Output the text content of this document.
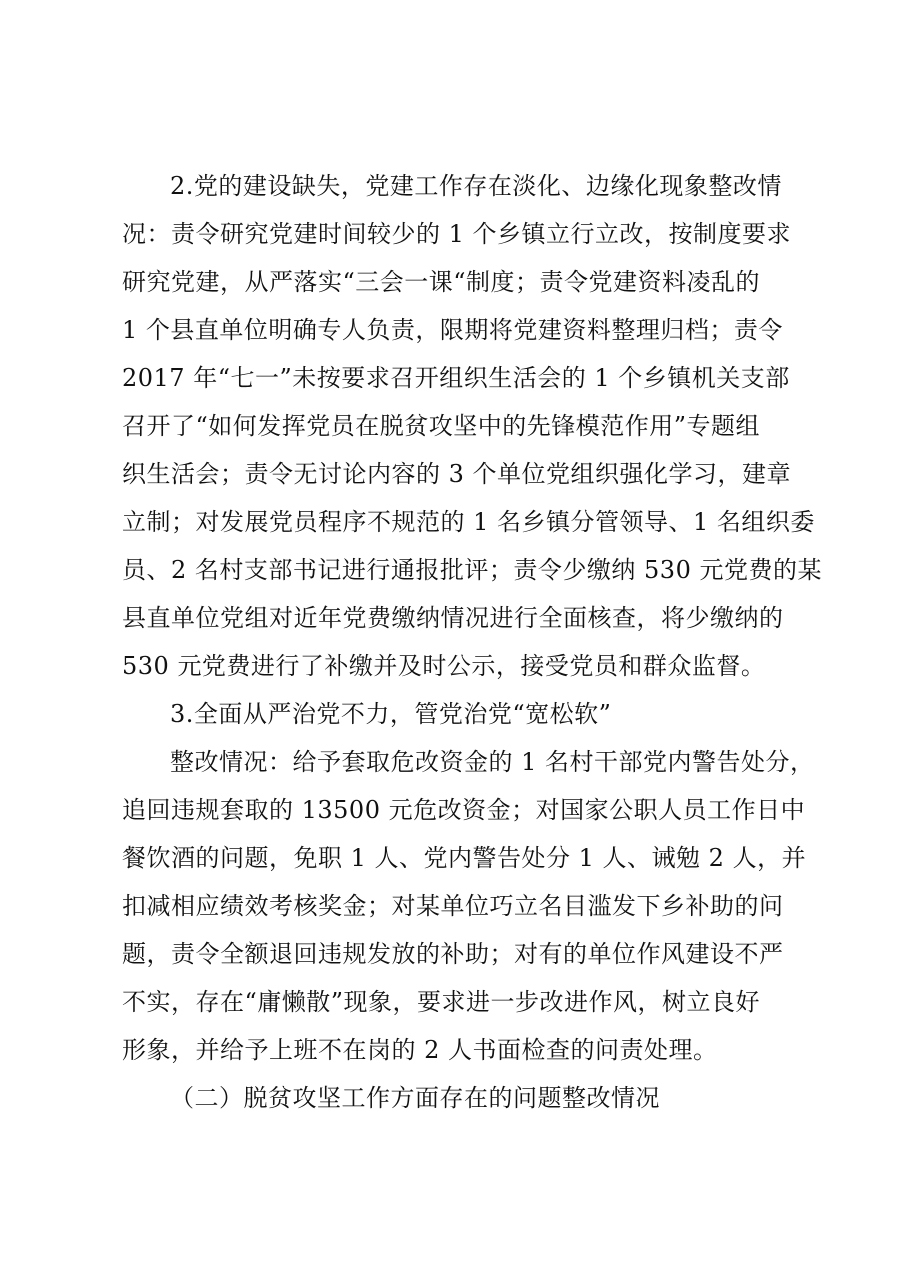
2.党的建设缺失，党建工作存在淡化、边缘化现象整改情

况：责令研究党建时间较少的 1 个乡镇立行立改，按制度要求

研究党建，从严落实“三会一课“制度；责令党建资料凌乱的

1 个县直单位明确专人负责，限期将党建资料整理归档；责令

2017 年“七一”未按要求召开组织生活会的 1 个乡镇机关支部

召开了“如何发挥党员在脱贫攻坚中的先锋模范作用”专题组

织生活会；责令无讨论内容的 3 个单位党组织强化学习，建章

立制；对发展党员程序不规范的 1 名乡镇分管领导、1 名组织委

员、2 名村支部书记进行通报批评；责令少缴纳 530 元党费的某

县直单位党组对近年党费缴纳情况进行全面核查，将少缴纳的

530 元党费进行了补缴并及时公示，接受党员和群众监督。

3.全面从严治党不力，管党治党“宽松软”

整改情况：给予套取危改资金的 1 名村干部党内警告处分，

追回违规套取的 13500 元危改资金；对国家公职人员工作日中

餐饮酒的问题，免职 1 人、党内警告处分 1 人、诫勉 2 人，并

扣减相应绩效考核奖金；对某单位巧立名目滥发下乡补助的问

题，责令全额退回违规发放的补助；对有的单位作风建设不严

不实，存在“庸懒散”现象，要求进一步改进作风，树立良好

形象，并给予上班不在岗的 2 人书面检查的问责处理。

（二）脱贫攻坚工作方面存在的问题整改情况
